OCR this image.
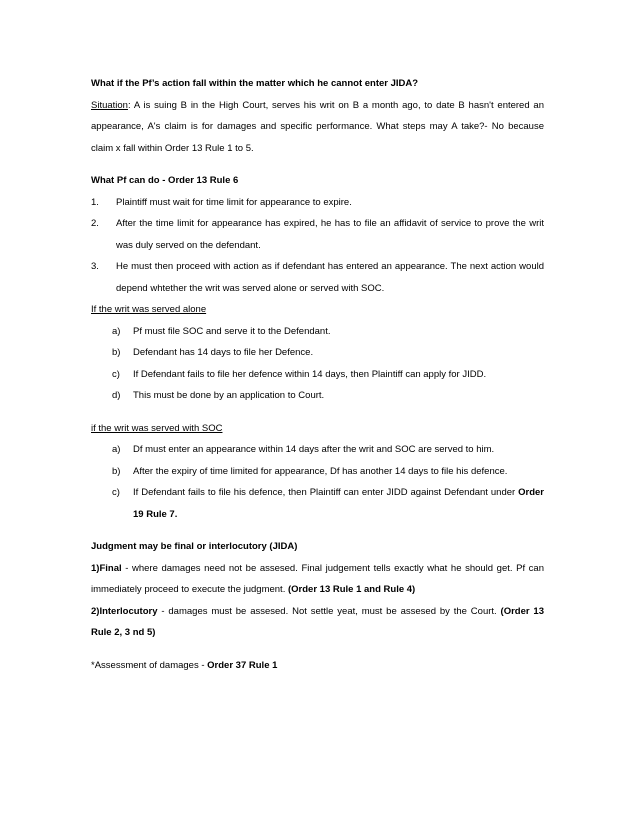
What if the Pf’s action fall within the matter which he cannot enter JIDA?

Situation: A is suing B in the High Court, serves his writ on B a month ago, to date B hasn't entered an appearance, A's claim is for damages and specific performance. What steps may A take?- No because claim x fall within Order 13 Rule 1 to 5.

What Pf can do - Order 13 Rule 6

1. Plaintiff must wait for time limit for appearance to expire.
2. After the time limit for appearance has expired, he has to file an affidavit of service to prove the writ was duly served on the defendant.
3. He must then proceed with action as if defendant has entered an appearance. The next action would depend whtether the writ was served alone or served with SOC.

If the writ was served alone

a) Pf must file SOC and serve it to the Defendant.
b) Defendant has 14 days to file her Defence.
c) If Defendant fails to file her defence within 14 days, then Plaintiff can apply for JIDD.
d) This must be done by an application to Court.

if the writ was served with SOC

a) Df must enter an appearance within 14 days after the writ and SOC are served to him.
b) After the expiry of time limited for appearance, Df has another 14 days to file his defence.
c) If Defendant fails to file his defence, then Plaintiff can enter JIDD against Defendant under Order 19 Rule 7.

Judgment may be final or interlocutory (JIDA)

1)Final - where damages need not be assesed. Final judgement tells exactly what he should get. Pf can immediately proceed to execute the judgment. (Order 13 Rule 1 and Rule 4)

2)Interlocutory - damages must be assesed. Not settle yeat, must be assesed by the Court. (Order 13 Rule 2, 3 nd 5)

*Assessment of damages - Order 37 Rule 1
